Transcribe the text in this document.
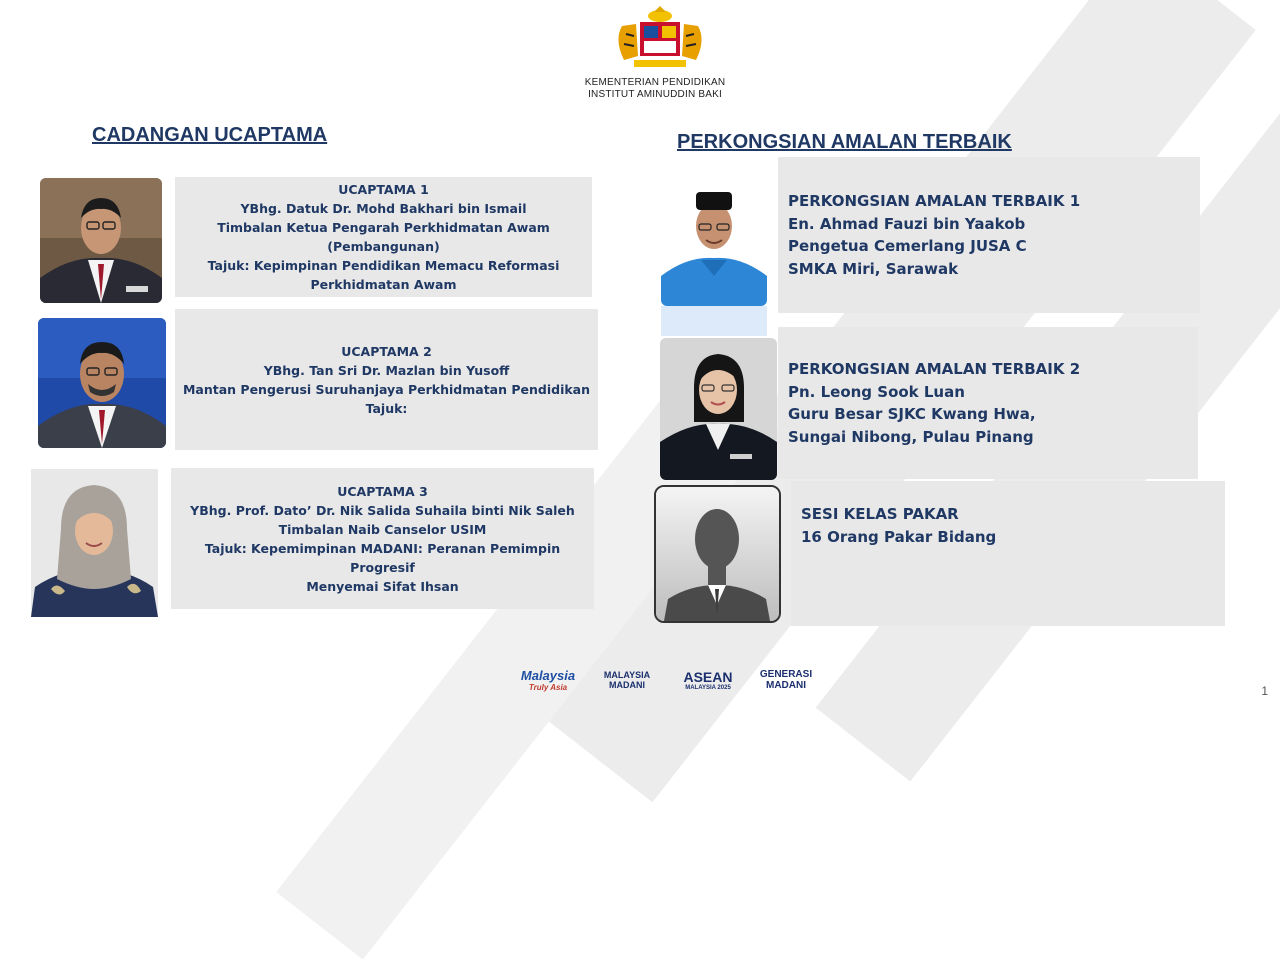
KEMENTERIAN PENDIDIKAN
INSTITUT AMINUDDIN BAKI
CADANGAN UCAPTAMA	PERKONGSIAN AMALAN TERBAIK
UCAPTAMA 1
YBhg. Datuk Dr. Mohd Bakhari bin Ismail
Timbalan Ketua Pengarah Perkhidmatan Awam
(Pembangunan)
Tajuk: Kepimpinan Pendidikan Memacu Reformasi
Perkhidmatan Awam
UCAPTAMA 2
YBhg. Tan Sri Dr. Mazlan bin Yusoff
Mantan Pengerusi Suruhanjaya Perkhidmatan Pendidikan
Tajuk:
UCAPTAMA 3
YBhg. Prof. Dato’ Dr. Nik Salida Suhaila binti Nik Saleh
Timbalan Naib Canselor USIM
Tajuk: Kepemimpinan MADANI: Peranan Pemimpin Progresif
Menyemai Sifat Ihsan
PERKONGSIAN AMALAN TERBAIK 1
En. Ahmad Fauzi bin Yaakob
Pengetua Cemerlang JUSA C
SMKA Miri, Sarawak
PERKONGSIAN AMALAN TERBAIK 2
Pn. Leong Sook Luan
Guru Besar SJKC Kwang Hwa,
Sungai Nibong, Pulau Pinang
SESI KELAS PAKAR
16 Orang Pakar Bidang
Malaysia
Truly Asia
MALAYSIA MADANI	ASEAN
MALAYSIA 2025
GENERASI MADANI	1
